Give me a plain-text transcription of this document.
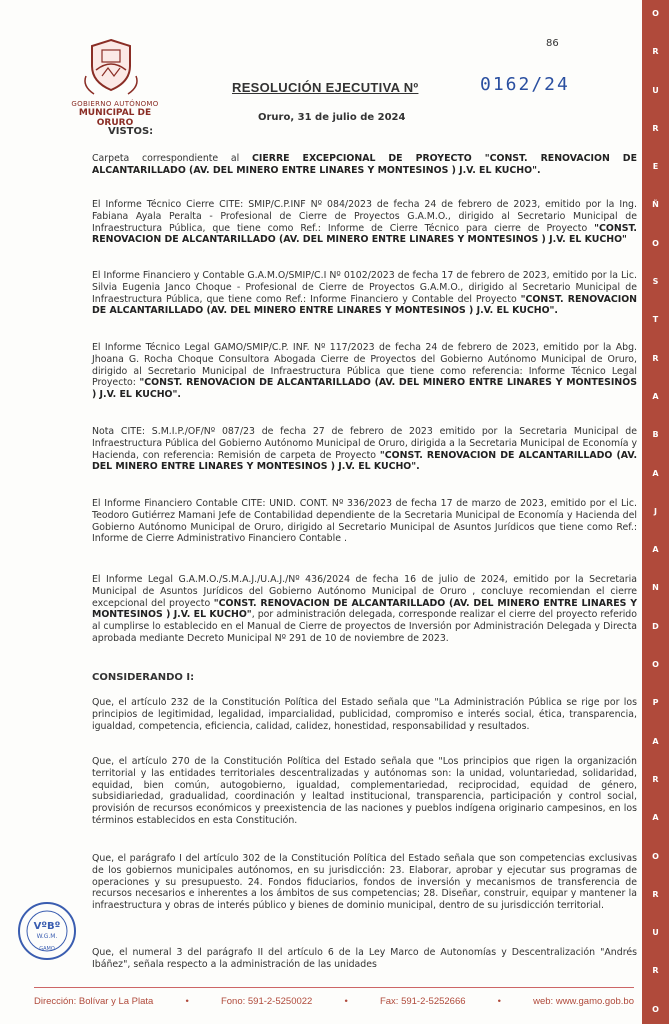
O
R
U
R
E
Ñ
O
S
T
R
A
B
A
J
A
N
D
O
P
A
R
A
O
R
U
R
O
GOBIERNO AUTÓNOMO
MUNICIPAL DE ORURO
86
RESOLUCIÓN EJECUTIVA Nº	0162/24
Oruro, 31 de julio de 2024
VISTOS:

Carpeta correspondiente al CIERRE EXCEPCIONAL DE PROYECTO "CONST. RENOVACION DE ALCANTARILLADO (AV. DEL MINERO ENTRE LINARES Y MONTESINOS ) J.V. EL KUCHO".

El Informe Técnico Cierre CITE: SMIP/C.P.INF Nº 084/2023 de fecha 24 de febrero de 2023, emitido por la Ing. Fabiana Ayala Peralta - Profesional de Cierre de Proyectos G.A.M.O., dirigido al Secretario Municipal de Infraestructura Pública, que tiene como Ref.: Informe de Cierre Técnico para cierre de Proyecto "CONST. RENOVACION DE ALCANTARILLADO (AV. DEL MINERO ENTRE LINARES Y MONTESINOS ) J.V. EL KUCHO"

El Informe Financiero y Contable G.A.M.O/SMIP/C.I Nº 0102/2023 de fecha 17 de febrero de 2023, emitido por la Lic. Silvia Eugenia Janco Choque - Profesional de Cierre de Proyectos G.A.M.O., dirigido al Secretario Municipal de Infraestructura Pública, que tiene como Ref.: Informe Financiero y Contable del Proyecto "CONST. RENOVACION DE ALCANTARILLADO (AV. DEL MINERO ENTRE LINARES Y MONTESINOS ) J.V. EL KUCHO".

El Informe Técnico Legal GAMO/SMIP/C.P. INF. Nº 117/2023 de fecha 24 de febrero de 2023, emitido por la Abg. Jhoana G. Rocha Choque Consultora Abogada Cierre de Proyectos del Gobierno Autónomo Municipal de Oruro, dirigido al Secretario Municipal de Infraestructura Pública que tiene como referencia: Informe Técnico Legal Proyecto: "CONST. RENOVACION DE ALCANTARILLADO (AV. DEL MINERO ENTRE LINARES Y MONTESINOS ) J.V. EL KUCHO".

Nota CITE: S.M.I.P./OF/Nº 087/23 de fecha 27 de febrero de 2023 emitido por la Secretaria Municipal de Infraestructura Pública del Gobierno Autónomo Municipal de Oruro, dirigida a la Secretaria Municipal de Economía y Hacienda, con referencia: Remisión de carpeta de Proyecto "CONST. RENOVACION DE ALCANTARILLADO (AV. DEL MINERO ENTRE LINARES Y MONTESINOS ) J.V. EL KUCHO".

El Informe Financiero Contable CITE: UNID. CONT. Nº 336/2023 de fecha 17 de marzo de 2023, emitido por el Lic. Teodoro Gutiérrez Mamani Jefe de Contabilidad dependiente de la Secretaria Municipal de Economía y Hacienda del Gobierno Autónomo Municipal de Oruro, dirigido al Secretario Municipal de Asuntos Jurídicos que tiene como Ref.: Informe de Cierre Administrativo Financiero Contable .

El Informe Legal G.A.M.O./S.M.A.J./U.A.J./Nº 436/2024 de fecha 16 de julio de 2024, emitido por la Secretaria Municipal de Asuntos Jurídicos del Gobierno Autónomo Municipal de Oruro , concluye recomiendan el cierre excepcional del proyecto "CONST. RENOVACION DE ALCANTARILLADO (AV. DEL MINERO ENTRE LINARES Y MONTESINOS ) J.V. EL KUCHO", por administración delegada, corresponde realizar el cierre del proyecto referido al cumplirse lo establecido en el Manual de Cierre de proyectos de Inversión por Administración Delegada y Directa aprobada mediante Decreto Municipal Nº 291 de 10 de noviembre de 2023.

CONSIDERANDO I:

Que, el artículo 232 de la Constitución Política del Estado señala que "La Administración Pública se rige por los principios de legitimidad, legalidad, imparcialidad, publicidad, compromiso e interés social, ética, transparencia, igualdad, competencia, eficiencia, calidad, calidez, honestidad, responsabilidad y resultados.

Que, el artículo 270 de la Constitución Política del Estado señala que "Los principios que rigen la organización territorial y las entidades territoriales descentralizadas y autónomas son: la unidad, voluntariedad, solidaridad, equidad, bien común, autogobierno, igualdad, complementariedad, reciprocidad, equidad de género, subsidiariedad, gradualidad, coordinación y lealtad institucional, transparencia, participación y control social, provisión de recursos económicos y preexistencia de las naciones y pueblos indígena originario campesinos, en los términos establecidos en esta Constitución.

Que, el parágrafo I del artículo 302 de la Constitución Política del Estado señala que son competencias exclusivas de los gobiernos municipales autónomos, en su jurisdicción: 23. Elaborar, aprobar y ejecutar sus programas de operaciones y su presupuesto. 24. Fondos fiduciarios, fondos de inversión y mecanismos de transferencia de recursos necesarios e inherentes a los ámbitos de sus competencias; 28. Diseñar, construir, equipar y mantener la infraestructura y obras de interés público y bienes de dominio municipal, dentro de su jurisdicción territorial.

Que, el numeral 3 del parágrafo II del artículo 6 de la Ley Marco de Autonomías y Descentralización "Andrés Ibáñez", señala respecto a la administración de las unidades

VºBº
W.G.M.
GAMO
Dirección: Bolívar y La Plata	•	Fono: 591-2-5250022	•	Fax: 591-2-5252666	•	web: www.gamo.gob.bo
